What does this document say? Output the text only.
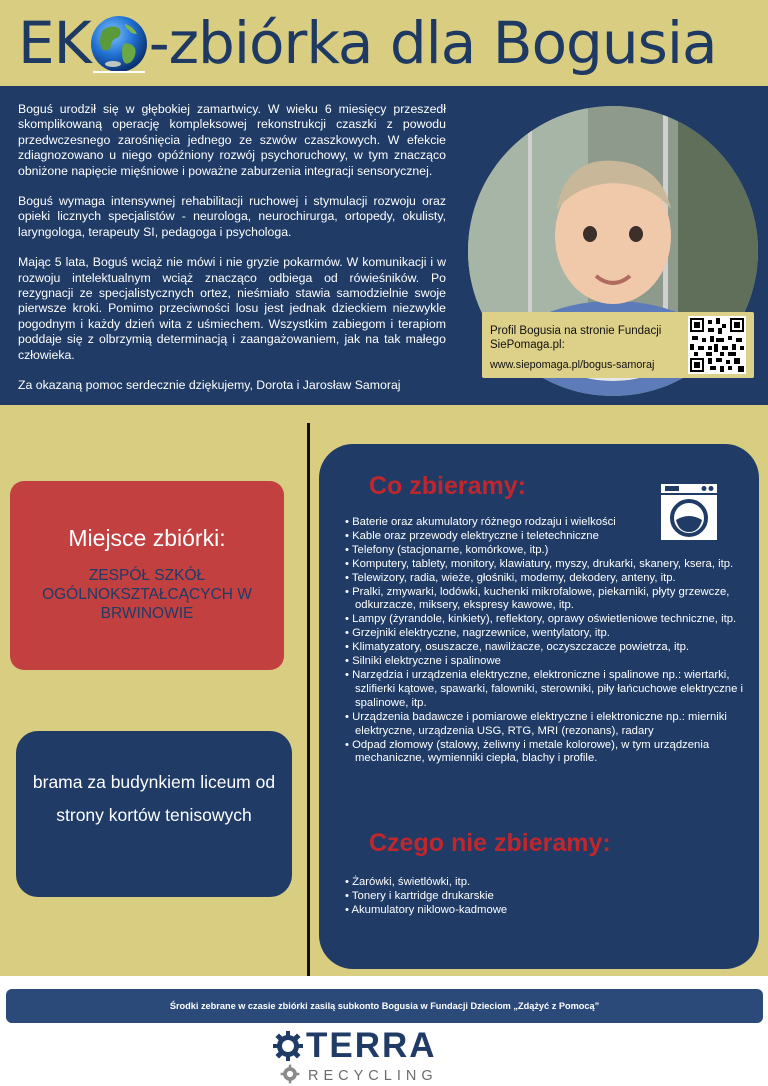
EK -zbiórka dla Bogusia

Boguś urodził się w głębokiej zamartwicy. W wieku 6 miesięcy przeszedł skomplikowaną operację kompleksowej rekonstrukcji czaszki z powodu przedwczesnego zarośnięcia jednego ze szwów czaszkowych. W efekcie zdiagnozowano u niego opóźniony rozwój psychoruchowy, w tym znacząco obniżone napięcie mięśniowe i poważne zaburzenia integracji sensorycznej.

Boguś wymaga intensywnej rehabilitacji ruchowej i stymulacji rozwoju oraz opieki licznych specjalistów - neurologa, neurochirurga, ortopedy, okulisty, laryngologa, terapeuty SI, pedagoga i psychologa.

Mając 5 lata, Boguś wciąż nie mówi i nie gryzie pokarmów. W komunikacji i w rozwoju intelektualnym wciąż znacząco odbiega od rówieśników. Po rezygnacji ze specjalistycznych ortez, nieśmiało stawia samodzielnie swoje pierwsze kroki. Pomimo przeciwności losu jest jednak dzieckiem niezwykle pogodnym i każdy dzień wita z uśmiechem. Wszystkim zabiegom i terapiom poddaje się z olbrzymią determinacją i zaangażowaniem, jak na tak małego człowieka.

Za okazaną pomoc serdecznie dziękujemy, Dorota i Jarosław Samoraj

Profil Bogusia na stronie Fundacji SiePomaga.pl:
www.siepomaga.pl/bogus-samoraj
Miejsce zbiórki:
ZESPÓŁ SZKÓŁ OGÓLNOKSZTAŁCĄCYCH W BRWINOWIE
brama za budynkiem liceum od strony kortów tenisowych
Co zbieramy:
• Baterie oraz akumulatory różnego rodzaju i wielkości
• Kable oraz przewody elektryczne i teletechniczne
• Telefony (stacjonarne, komórkowe, itp.)
• Komputery, tablety, monitory, klawiatury, myszy, drukarki, skanery, ksera, itp.
• Telewizory, radia, wieże, głośniki, modemy, dekodery, anteny, itp.
• Pralki, zmywarki, lodówki, kuchenki mikrofalowe, piekarniki, płyty grzewcze, odkurzacze, miksery, ekspresy kawowe, itp.
• Lampy (żyrandole, kinkiety), reflektory, oprawy oświetleniowe techniczne, itp.
• Grzejniki elektryczne, nagrzewnice, wentylatory, itp.
• Klimatyzatory, osuszacze, nawilżacze, oczyszczacze powietrza, itp.
• Silniki elektryczne i spalinowe
• Narzędzia i urządzenia elektryczne, elektroniczne i spalinowe np.: wiertarki, szlifierki kątowe, spawarki, falowniki, sterowniki, piły łańcuchowe elektryczne i spalinowe, itp.
• Urządzenia badawcze i pomiarowe elektryczne i elektroniczne np.: mierniki elektryczne, urządzenia USG, RTG, MRI (rezonans), radary
• Odpad złomowy (stalowy, żeliwny i metale kolorowe), w tym urządzenia mechaniczne, wymienniki ciepła, blachy i profile.
Czego nie zbieramy:
• Żarówki, świetlówki, itp.
• Tonery i kartridge drukarskie
• Akumulatory niklowo-kadmowe
Środki zebrane w czasie zbiórki zasilą subkonto Bogusia w Fundacji Dzieciom „Zdążyć z Pomocą”
TERRA
RECYCLING
